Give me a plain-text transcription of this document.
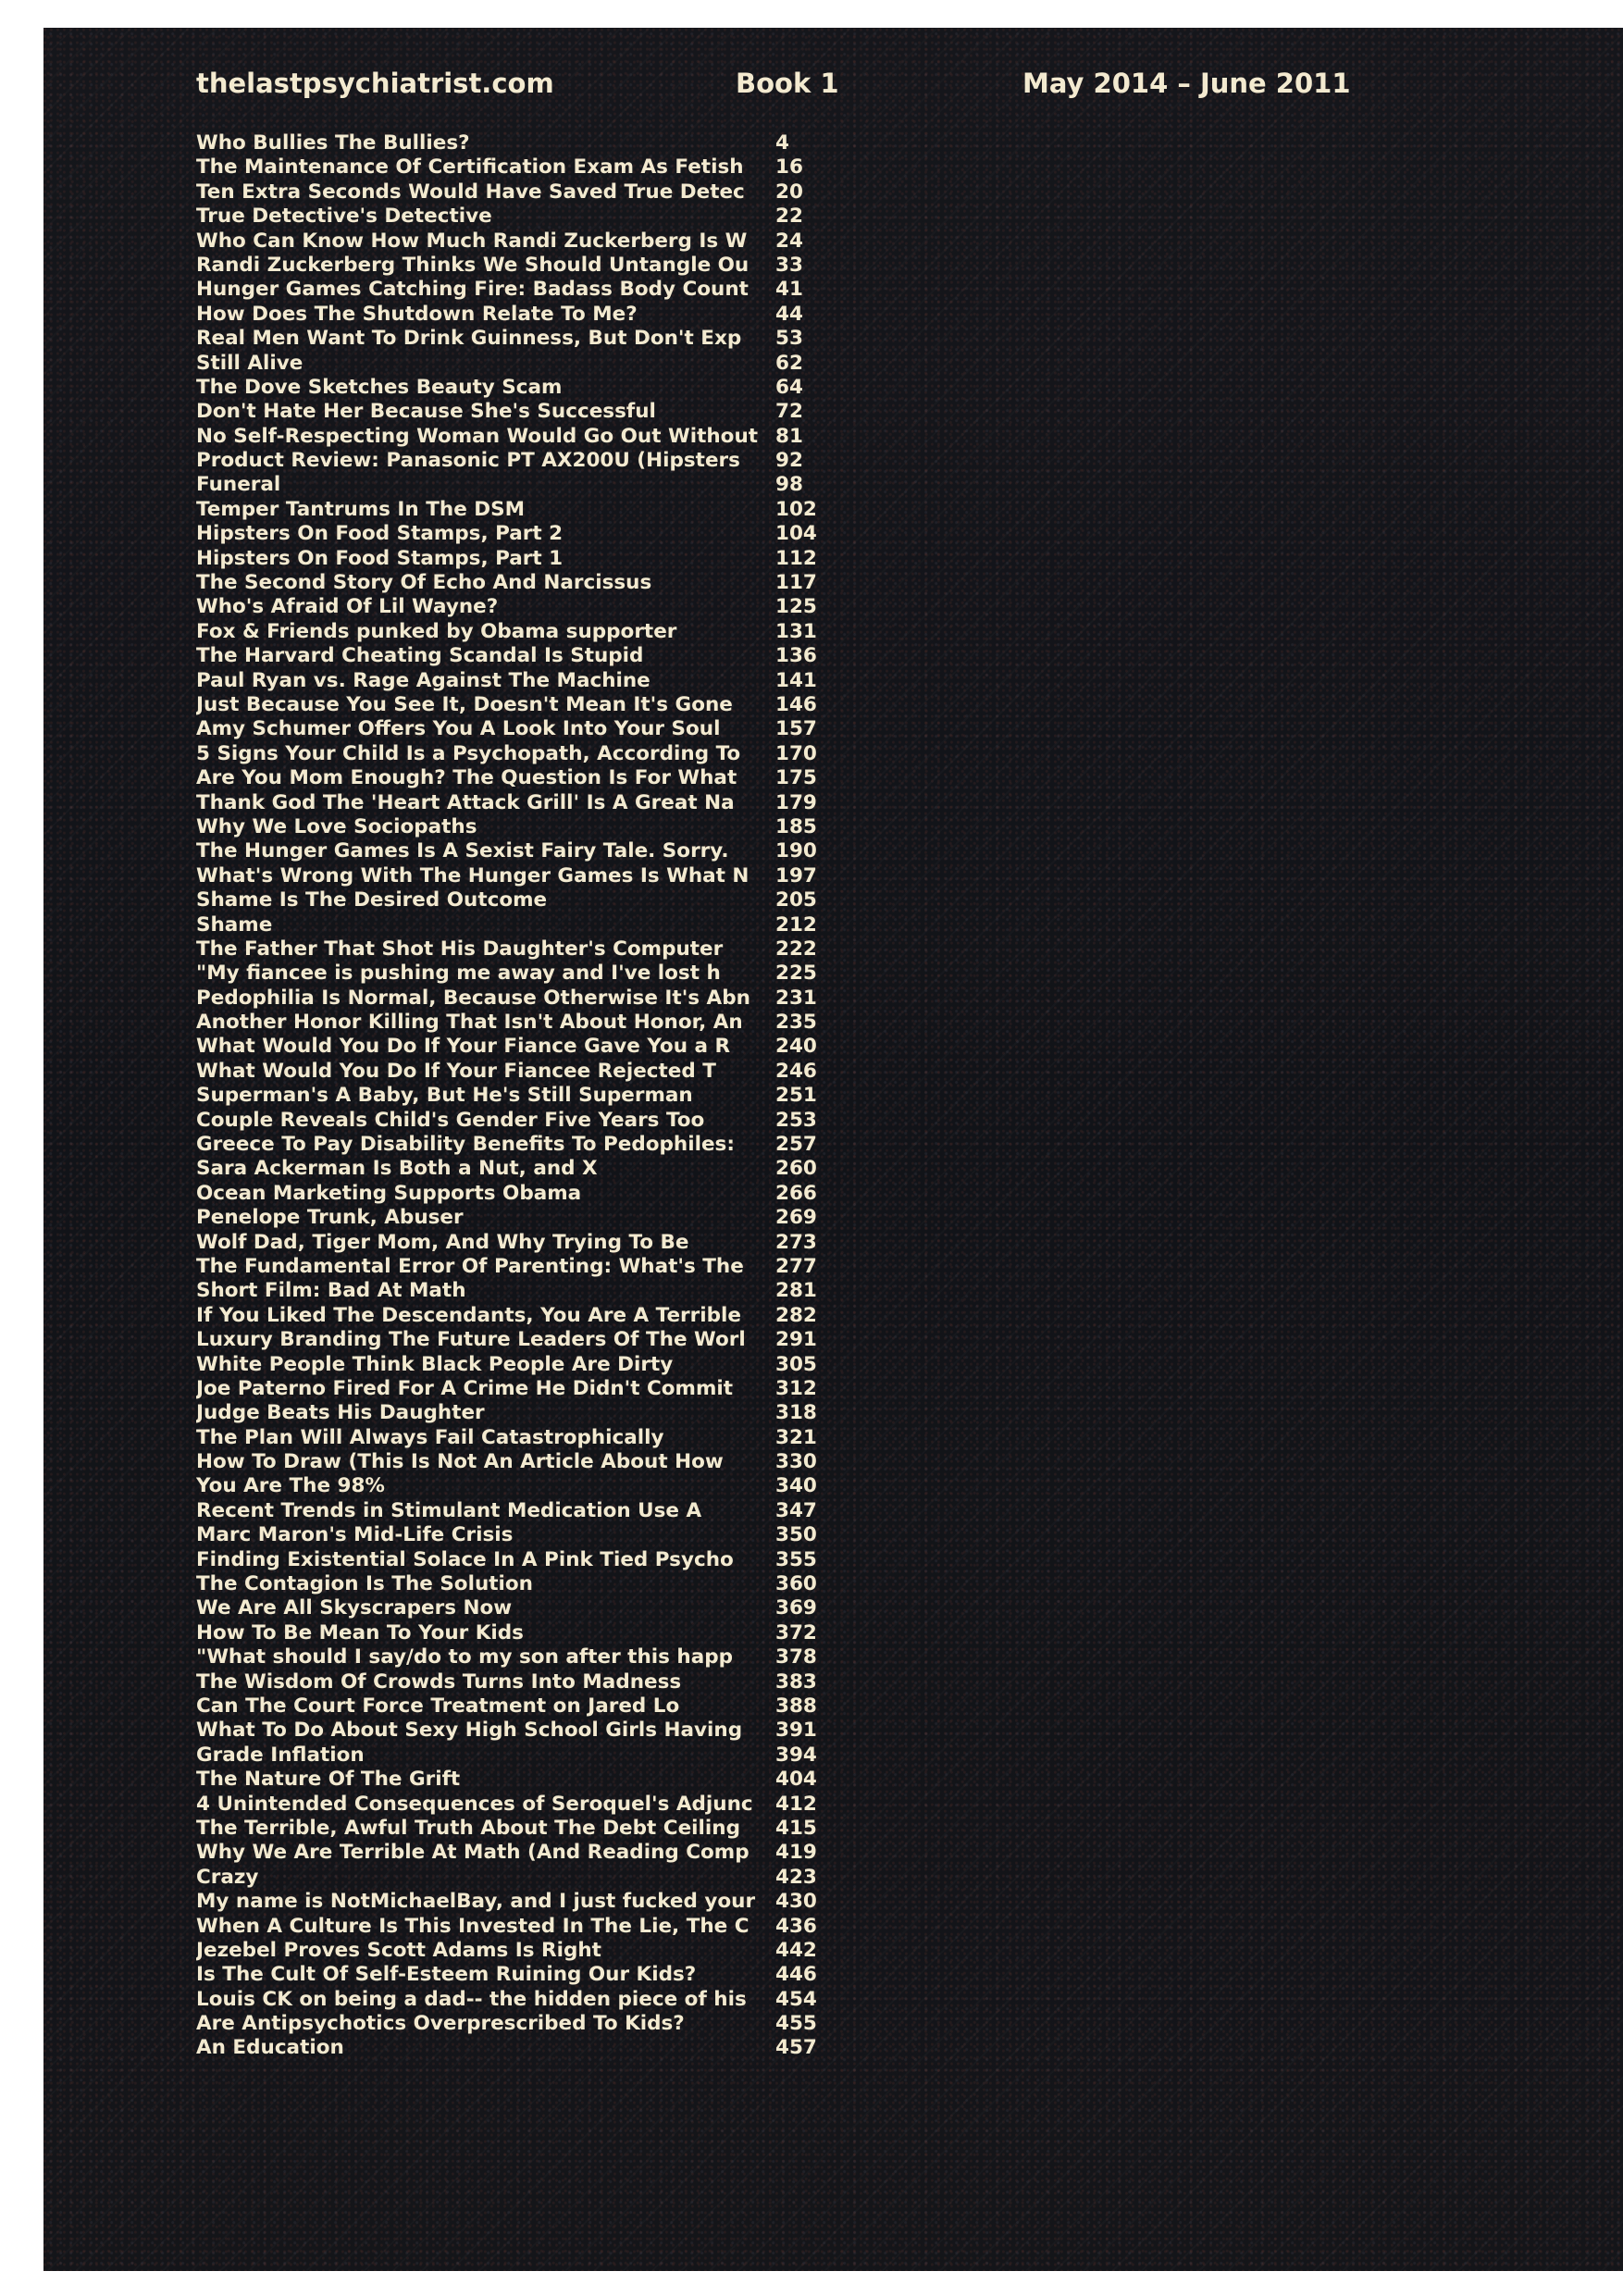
thelastpsychiatrist.com	Book 1	May 2014 – June 2011
Who Bullies The Bullies?	4
The Maintenance Of Certification Exam As Fetish 16
Ten Extra Seconds Would Have Saved True Detec 20
True Detective's Detective	22
Who Can Know How Much Randi Zuckerberg Is W 24
Randi Zuckerberg Thinks We Should Untangle Ou 33
Hunger Games Catching Fire: Badass Body Count 41
How Does The Shutdown Relate To Me?	44
Real Men Want To Drink Guinness, But Don't Exp 53
Still Alive	62
The Dove Sketches Beauty Scam	64
Don't Hate Her Because She's Successful	72
No Self-Respecting Woman Would Go Out Without 81
Product Review: Panasonic PT AX200U (Hipsters 92
Funeral	98
Temper Tantrums In The DSM	102
Hipsters On Food Stamps, Part 2	104
Hipsters On Food Stamps, Part 1	112
The Second Story Of Echo And Narcissus	117
Who's Afraid Of Lil Wayne?	125
Fox & Friends punked by Obama supporter	131
The Harvard Cheating Scandal Is Stupid	136
Paul Ryan vs. Rage Against The Machine	141
Just Because You See It, Doesn't Mean It's Gone 146
Amy Schumer Offers You A Look Into Your Soul	157
5 Signs Your Child Is a Psychopath, According To 170
Are You Mom Enough? The Question Is For What 175
Thank God The 'Heart Attack Grill' Is A Great Na 179
Why We Love Sociopaths	185
The Hunger Games Is A Sexist Fairy Tale. Sorry. 190
What's Wrong With The Hunger Games Is What N 197
Shame Is The Desired Outcome	205
Shame	212
The Father That Shot His Daughter's Computer	222
"My fiancee is pushing me away and I've lost h	225
Pedophilia Is Normal, Because Otherwise It's Abn 231
Another Honor Killing That Isn't About Honor, An 235
What Would You Do If Your Fiance Gave You a R 240
What Would You Do If Your Fiancee Rejected T	246
Superman's A Baby, But He's Still Superman	251
Couple Reveals Child's Gender Five Years Too	253
Greece To Pay Disability Benefits To Pedophiles: 257
Sara Ackerman Is Both a Nut, and X	260
Ocean Marketing Supports Obama	266
Penelope Trunk, Abuser	269
Wolf Dad, Tiger Mom, And Why Trying To Be	273
The Fundamental Error Of Parenting: What's The 277
Short Film: Bad At Math	281
If You Liked The Descendants, You Are A Terrible 282
Luxury Branding The Future Leaders Of The Worl 291
White People Think Black People Are Dirty	305
Joe Paterno Fired For A Crime He Didn't Commit 312
Judge Beats His Daughter	318
The Plan Will Always Fail Catastrophically	321
How To Draw (This Is Not An Article About How	330
You Are The 98%	340
Recent Trends in Stimulant Medication Use A	347
Marc Maron's Mid-Life Crisis	350
Finding Existential Solace In A Pink Tied Psycho 355
The Contagion Is The Solution	360
We Are All Skyscrapers Now	369
How To Be Mean To Your Kids	372
"What should I say/do to my son after this happ 378
The Wisdom Of Crowds Turns Into Madness	383
Can The Court Force Treatment on Jared Lo	388
What To Do About Sexy High School Girls Having 391
Grade Inflation	394
The Nature Of The Grift	404
4 Unintended Consequences of Seroquel's Adjunc 412
The Terrible, Awful Truth About The Debt Ceiling 415
Why We Are Terrible At Math (And Reading Comp 419
Crazy	423
My name is NotMichaelBay, and I just fucked your 430
When A Culture Is This Invested In The Lie, The C 436
Jezebel Proves Scott Adams Is Right	442
Is The Cult Of Self-Esteem Ruining Our Kids?	446
Louis CK on being a dad-- the hidden piece of his 454
Are Antipsychotics Overprescribed To Kids?	455
An Education	457
